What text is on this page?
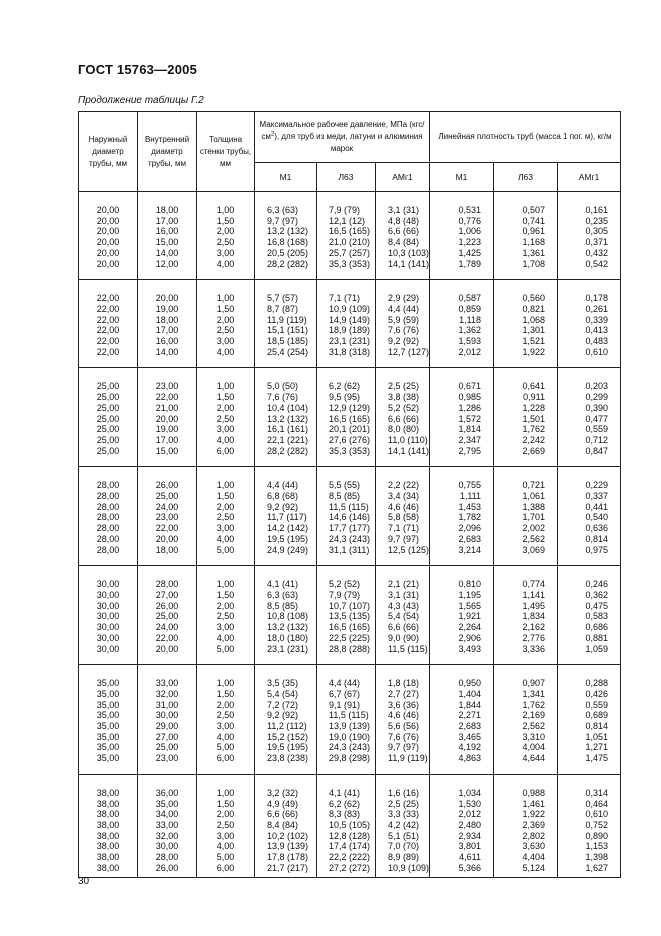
ГОСТ 15763—2005
Продолжение таблицы Г.2
Наружный диаметр трубы, мм	Внутренний диаметр трубы, мм	Толщина стенки трубы, мм	Максимальное рабочее давление, МПа $(кгс/см^2)$, для труб из меди, латуни и алюминия марок			Линейная плотность труб (масса 1 пог. м), кг/м		
			М1	Л63	АМг1	М1	Л63	АМг1

20,00	18,00	1,00	6,3 (63)	7,9 (79)	3,1 (31)	0,531	0,507	0,161
20,00	17,00	1,50	9,7 (97)	12,1 (12)	4,8 (48)	0,776	0,741	0,235
20,00	16,00	2,00	13,2 (132)	16,5 (165)	6,6 (66)	1,006	0,961	0,305
20,00	15,00	2,50	16,8 (168)	21,0 (210)	8,4 (84)	1,223	1,168	0,371
20,00	14,00	3,00	20,5 (205)	25,7 (257)	10,3 (103)	1,425	1,361	0,432
20,00	12,00	4,00	28,2 (282)	35,3 (353)	14,1 (141)	1,789	1,708	0,542

22,00	20,00	1,00	5,7 (57)	7,1 (71)	2,9 (29)	0,587	0,560	0,178
22,00	19,00	1,50	8,7 (87)	10,9 (109)	4,4 (44)	0,859	0,821	0,261
22,00	18,00	2,00	11,9 (119)	14,9 (149)	5,9 (59)	1,118	1,068	0,339
22,00	17,00	2,50	15,1 (151)	18,9 (189)	7,6 (76)	1,362	1,301	0,413
22,00	16,00	3,00	18,5 (185)	23,1 (231)	9,2 (92)	1,593	1,521	0,483
22,00	14,00	4,00	25,4 (254)	31,8 (318)	12,7 (127)	2,012	1,922	0,610

25,00	23,00	1,00	5,0 (50)	6,2 (62)	2,5 (25)	0,671	0,641	0,203
25,00	22,00	1,50	7,6 (76)	9,5 (95)	3,8 (38)	0,985	0,911	0,299
25,00	21,00	2,00	10,4 (104)	12,9 (129)	5,2 (52)	1,286	1,228	0,390
25,00	20,00	2,50	13,2 (132)	16,5 (165)	6,6 (66)	1,572	1,501	0,477
25,00	19,00	3,00	16,1 (161)	20,1 (201)	8,0 (80)	1,814	1,762	0,559
25,00	17,00	4,00	22,1 (221)	27,6 (276)	11,0 (110)	2,347	2,242	0,712
25,00	15,00	6,00	28,2 (282)	35,3 (353)	14,1 (141)	2,795	2,669	0,847

28,00	26,00	1,00	4,4 (44)	5,5 (55)	2,2 (22)	0,755	0,721	0,229
28,00	25,00	1,50	6,8 (68)	8,5 (85)	3,4 (34)	1,111	1,061	0,337
28,00	24,00	2,00	9,2 (92)	11,5 (115)	4,6 (46)	1,453	1,388	0,441
28,00	23,00	2,50	11,7 (117)	14,6 (146)	5,8 (58)	1,782	1,701	0,540
28,00	22,00	3,00	14,2 (142)	17,7 (177)	7,1 (71)	2,096	2,002	0,636
28,00	20,00	4,00	19,5 (195)	24,3 (243)	9,7 (97)	2,683	2,562	0,814
28,00	18,00	5,00	24,9 (249)	31,1 (311)	12,5 (125)	3,214	3,069	0,975

30,00	28,00	1,00	4,1 (41)	5,2 (52)	2,1 (21)	0,810	0,774	0,246
30,00	27,00	1,50	6,3 (63)	7,9 (79)	3,1 (31)	1,195	1,141	0,362
30,00	26,00	2,00	8,5 (85)	10,7 (107)	4,3 (43)	1,565	1,495	0,475
30,00	25,00	2,50	10,8 (108)	13,5 (135)	5,4 (54)	1,921	1,834	0,583
30,00	24,00	3,00	13,2 (132)	16,5 (165)	6,6 (66)	2,264	2,162	0,686
30,00	22,00	4,00	18,0 (180)	22,5 (225)	9,0 (90)	2,906	2,776	0,881
30,00	20,00	5,00	23,1 (231)	28,8 (288)	11,5 (115)	3,493	3,336	1,059

35,00	33,00	1,00	3,5 (35)	4,4 (44)	1,8 (18)	0,950	0,907	0,288
35,00	32,00	1,50	5,4 (54)	6,7 (67)	2,7 (27)	1,404	1,341	0,426
35,00	31,00	2,00	7,2 (72)	9,1 (91)	3,6 (36)	1,844	1,762	0,559
35,00	30,00	2,50	9,2 (92)	11,5 (115)	4,6 (46)	2,271	2,169	0,689
35,00	29,00	3,00	11,2 (112)	13,9 (139)	5,6 (56)	2,683	2,562	0,814
35,00	27,00	4,00	15,2 (152)	19,0 (190)	7,6 (76)	3,465	3,310	1,051
35,00	25,00	5,00	19,5 (195)	24,3 (243)	9,7 (97)	4,192	4,004	1,271
35,00	23,00	6,00	23,8 (238)	29,8 (298)	11,9 (119)	4,863	4,644	1,475

38,00	36,00	1,00	3,2 (32)	4,1 (41)	1,6 (16)	1,034	0,988	0,314
38,00	35,00	1,50	4,9 (49)	6,2 (62)	2,5 (25)	1,530	1,461	0,464
38,00	34,00	2,00	6,6 (66)	8,3 (83)	3,3 (33)	2,012	1,922	0,610
38,00	33,00	2,50	8,4 (84)	10,5 (105)	4,2 (42)	2,480	2,369	0,752
38,00	32,00	3,00	10,2 (102)	12,8 (128)	5,1 (51)	2,934	2,802	0,890
38,00	30,00	4,00	13,9 (139)	17,4 (174)	7,0 (70)	3,801	3,630	1,153
38,00	28,00	5,00	17,8 (178)	22,2 (222)	8,9 (89)	4,611	4,404	1,398
38,00	26,00	6,00	21,7 (217)	27,2 (272)	10,9 (109)	5,366	5,124	1,627

30
